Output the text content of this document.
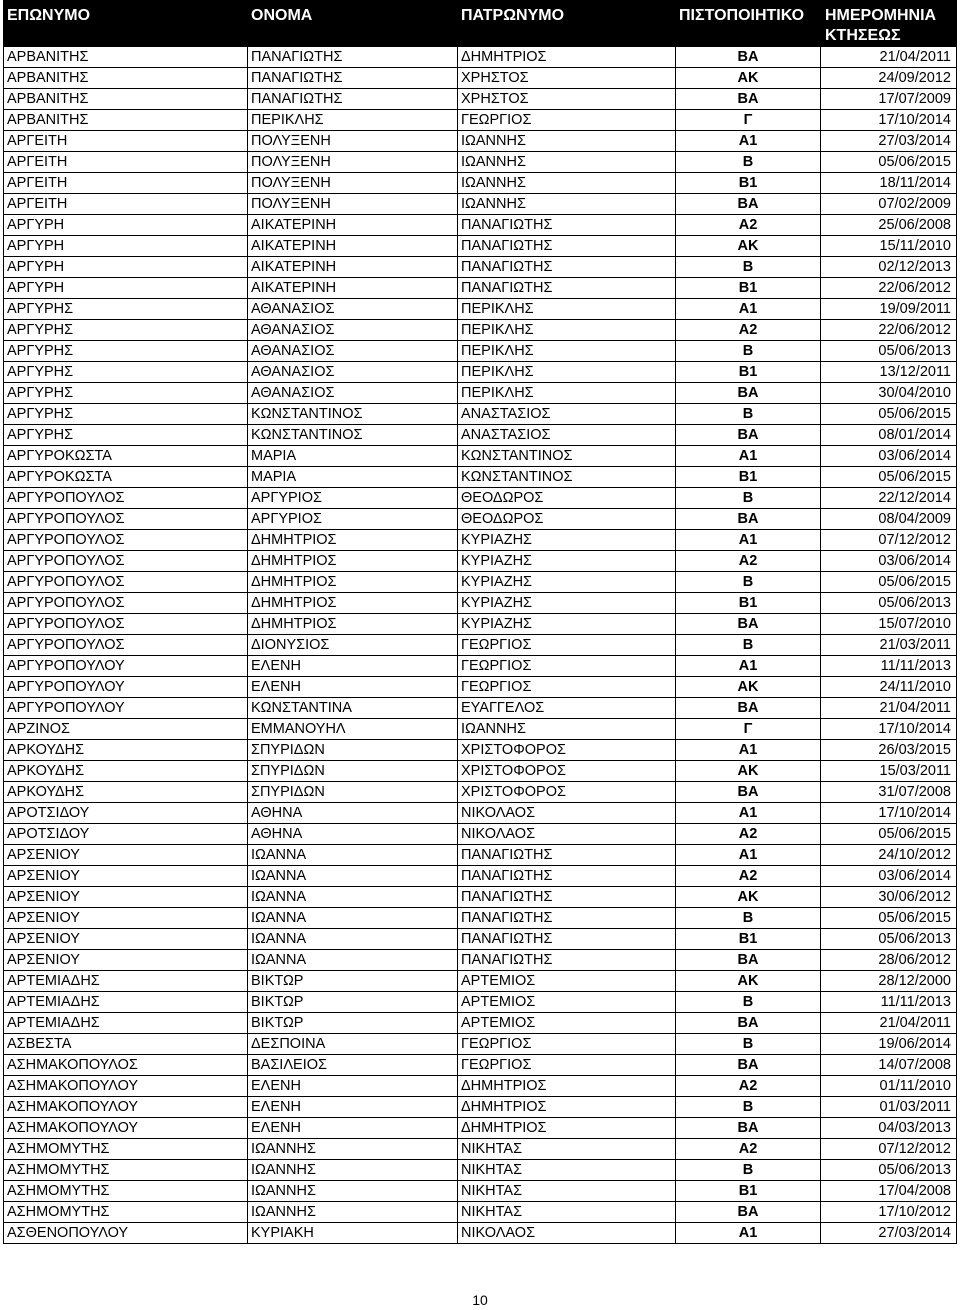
ΕΠΩΝΥΜΟ	ΟΝΟΜΑ	ΠΑΤΡΩΝΥΜΟ	ΠΙΣΤΟΠΟΙΗΤΙΚΟ	ΗΜΕΡΟΜΗΝΙΑ
ΚΤΗΣΕΩΣ
ΑΡΒΑΝΙΤΗΣ	ΠΑΝΑΓΙΩΤΗΣ	ΔΗΜΗΤΡΙΟΣ	ΒΑ	21/04/2011
ΑΡΒΑΝΙΤΗΣ	ΠΑΝΑΓΙΩΤΗΣ	ΧΡΗΣΤΟΣ	ΑΚ	24/09/2012
ΑΡΒΑΝΙΤΗΣ	ΠΑΝΑΓΙΩΤΗΣ	ΧΡΗΣΤΟΣ	ΒΑ	17/07/2009
ΑΡΒΑΝΙΤΗΣ	ΠΕΡΙΚΛΗΣ	ΓΕΩΡΓΙΟΣ	Γ	17/10/2014
ΑΡΓΕΙΤΗ	ΠΟΛΥΞΕΝΗ	ΙΩΑΝΝΗΣ	Α1	27/03/2014
ΑΡΓΕΙΤΗ	ΠΟΛΥΞΕΝΗ	ΙΩΑΝΝΗΣ	Β	05/06/2015
ΑΡΓΕΙΤΗ	ΠΟΛΥΞΕΝΗ	ΙΩΑΝΝΗΣ	Β1	18/11/2014
ΑΡΓΕΙΤΗ	ΠΟΛΥΞΕΝΗ	ΙΩΑΝΝΗΣ	ΒΑ	07/02/2009
ΑΡΓΥΡΗ	ΑΙΚΑΤΕΡΙΝΗ	ΠΑΝΑΓΙΩΤΗΣ	Α2	25/06/2008
ΑΡΓΥΡΗ	ΑΙΚΑΤΕΡΙΝΗ	ΠΑΝΑΓΙΩΤΗΣ	ΑΚ	15/11/2010
ΑΡΓΥΡΗ	ΑΙΚΑΤΕΡΙΝΗ	ΠΑΝΑΓΙΩΤΗΣ	Β	02/12/2013
ΑΡΓΥΡΗ	ΑΙΚΑΤΕΡΙΝΗ	ΠΑΝΑΓΙΩΤΗΣ	Β1	22/06/2012
ΑΡΓΥΡΗΣ	ΑΘΑΝΑΣΙΟΣ	ΠΕΡΙΚΛΗΣ	Α1	19/09/2011
ΑΡΓΥΡΗΣ	ΑΘΑΝΑΣΙΟΣ	ΠΕΡΙΚΛΗΣ	Α2	22/06/2012
ΑΡΓΥΡΗΣ	ΑΘΑΝΑΣΙΟΣ	ΠΕΡΙΚΛΗΣ	Β	05/06/2013
ΑΡΓΥΡΗΣ	ΑΘΑΝΑΣΙΟΣ	ΠΕΡΙΚΛΗΣ	Β1	13/12/2011
ΑΡΓΥΡΗΣ	ΑΘΑΝΑΣΙΟΣ	ΠΕΡΙΚΛΗΣ	ΒΑ	30/04/2010
ΑΡΓΥΡΗΣ	ΚΩΝΣΤΑΝΤΙΝΟΣ	ΑΝΑΣΤΑΣΙΟΣ	Β	05/06/2015
ΑΡΓΥΡΗΣ	ΚΩΝΣΤΑΝΤΙΝΟΣ	ΑΝΑΣΤΑΣΙΟΣ	ΒΑ	08/01/2014
ΑΡΓΥΡΟΚΩΣΤΑ	ΜΑΡΙΑ	ΚΩΝΣΤΑΝΤΙΝΟΣ	Α1	03/06/2014
ΑΡΓΥΡΟΚΩΣΤΑ	ΜΑΡΙΑ	ΚΩΝΣΤΑΝΤΙΝΟΣ	Β1	05/06/2015
ΑΡΓΥΡΟΠΟΥΛΟΣ	ΑΡΓΥΡΙΟΣ	ΘΕΟΔΩΡΟΣ	Β	22/12/2014
ΑΡΓΥΡΟΠΟΥΛΟΣ	ΑΡΓΥΡΙΟΣ	ΘΕΟΔΩΡΟΣ	ΒΑ	08/04/2009
ΑΡΓΥΡΟΠΟΥΛΟΣ	ΔΗΜΗΤΡΙΟΣ	ΚΥΡΙΑΖΗΣ	Α1	07/12/2012
ΑΡΓΥΡΟΠΟΥΛΟΣ	ΔΗΜΗΤΡΙΟΣ	ΚΥΡΙΑΖΗΣ	Α2	03/06/2014
ΑΡΓΥΡΟΠΟΥΛΟΣ	ΔΗΜΗΤΡΙΟΣ	ΚΥΡΙΑΖΗΣ	Β	05/06/2015
ΑΡΓΥΡΟΠΟΥΛΟΣ	ΔΗΜΗΤΡΙΟΣ	ΚΥΡΙΑΖΗΣ	Β1	05/06/2013
ΑΡΓΥΡΟΠΟΥΛΟΣ	ΔΗΜΗΤΡΙΟΣ	ΚΥΡΙΑΖΗΣ	ΒΑ	15/07/2010
ΑΡΓΥΡΟΠΟΥΛΟΣ	ΔΙΟΝΥΣΙΟΣ	ΓΕΩΡΓΙΟΣ	Β	21/03/2011
ΑΡΓΥΡΟΠΟΥΛΟΥ	ΕΛΕΝΗ	ΓΕΩΡΓΙΟΣ	Α1	11/11/2013
ΑΡΓΥΡΟΠΟΥΛΟΥ	ΕΛΕΝΗ	ΓΕΩΡΓΙΟΣ	ΑΚ	24/11/2010
ΑΡΓΥΡΟΠΟΥΛΟΥ	ΚΩΝΣΤΑΝΤΙΝΑ	ΕΥΑΓΓΕΛΟΣ	ΒΑ	21/04/2011
ΑΡΖΙΝΟΣ	ΕΜΜΑΝΟΥΗΛ	ΙΩΑΝΝΗΣ	Γ	17/10/2014
ΑΡΚΟΥΔΗΣ	ΣΠΥΡΙΔΩΝ	ΧΡΙΣΤΟΦΟΡΟΣ	Α1	26/03/2015
ΑΡΚΟΥΔΗΣ	ΣΠΥΡΙΔΩΝ	ΧΡΙΣΤΟΦΟΡΟΣ	ΑΚ	15/03/2011
ΑΡΚΟΥΔΗΣ	ΣΠΥΡΙΔΩΝ	ΧΡΙΣΤΟΦΟΡΟΣ	ΒΑ	31/07/2008
ΑΡΟΤΣΙΔΟΥ	ΑΘΗΝΑ	ΝΙΚΟΛΑΟΣ	Α1	17/10/2014
ΑΡΟΤΣΙΔΟΥ	ΑΘΗΝΑ	ΝΙΚΟΛΑΟΣ	Α2	05/06/2015
ΑΡΣΕΝΙΟΥ	ΙΩΑΝΝΑ	ΠΑΝΑΓΙΩΤΗΣ	Α1	24/10/2012
ΑΡΣΕΝΙΟΥ	ΙΩΑΝΝΑ	ΠΑΝΑΓΙΩΤΗΣ	Α2	03/06/2014
ΑΡΣΕΝΙΟΥ	ΙΩΑΝΝΑ	ΠΑΝΑΓΙΩΤΗΣ	ΑΚ	30/06/2012
ΑΡΣΕΝΙΟΥ	ΙΩΑΝΝΑ	ΠΑΝΑΓΙΩΤΗΣ	Β	05/06/2015
ΑΡΣΕΝΙΟΥ	ΙΩΑΝΝΑ	ΠΑΝΑΓΙΩΤΗΣ	Β1	05/06/2013
ΑΡΣΕΝΙΟΥ	ΙΩΑΝΝΑ	ΠΑΝΑΓΙΩΤΗΣ	ΒΑ	28/06/2012
ΑΡΤΕΜΙΑΔΗΣ	ΒΙΚΤΩΡ	ΑΡΤΕΜΙΟΣ	ΑΚ	28/12/2000
ΑΡΤΕΜΙΑΔΗΣ	ΒΙΚΤΩΡ	ΑΡΤΕΜΙΟΣ	Β	11/11/2013
ΑΡΤΕΜΙΑΔΗΣ	ΒΙΚΤΩΡ	ΑΡΤΕΜΙΟΣ	ΒΑ	21/04/2011
ΑΣΒΕΣΤΑ	ΔΕΣΠΟΙΝΑ	ΓΕΩΡΓΙΟΣ	Β	19/06/2014
ΑΣΗΜΑΚΟΠΟΥΛΟΣ	ΒΑΣΙΛΕΙΟΣ	ΓΕΩΡΓΙΟΣ	ΒΑ	14/07/2008
ΑΣΗΜΑΚΟΠΟΥΛΟΥ	ΕΛΕΝΗ	ΔΗΜΗΤΡΙΟΣ	Α2	01/11/2010
ΑΣΗΜΑΚΟΠΟΥΛΟΥ	ΕΛΕΝΗ	ΔΗΜΗΤΡΙΟΣ	Β	01/03/2011
ΑΣΗΜΑΚΟΠΟΥΛΟΥ	ΕΛΕΝΗ	ΔΗΜΗΤΡΙΟΣ	ΒΑ	04/03/2013
ΑΣΗΜΟΜΥΤΗΣ	ΙΩΑΝΝΗΣ	ΝΙΚΗΤΑΣ	Α2	07/12/2012
ΑΣΗΜΟΜΥΤΗΣ	ΙΩΑΝΝΗΣ	ΝΙΚΗΤΑΣ	Β	05/06/2013
ΑΣΗΜΟΜΥΤΗΣ	ΙΩΑΝΝΗΣ	ΝΙΚΗΤΑΣ	Β1	17/04/2008
ΑΣΗΜΟΜΥΤΗΣ	ΙΩΑΝΝΗΣ	ΝΙΚΗΤΑΣ	ΒΑ	17/10/2012
ΑΣΘΕΝΟΠΟΥΛΟΥ	ΚΥΡΙΑΚΗ	ΝΙΚΟΛΑΟΣ	Α1	27/03/2014
10
